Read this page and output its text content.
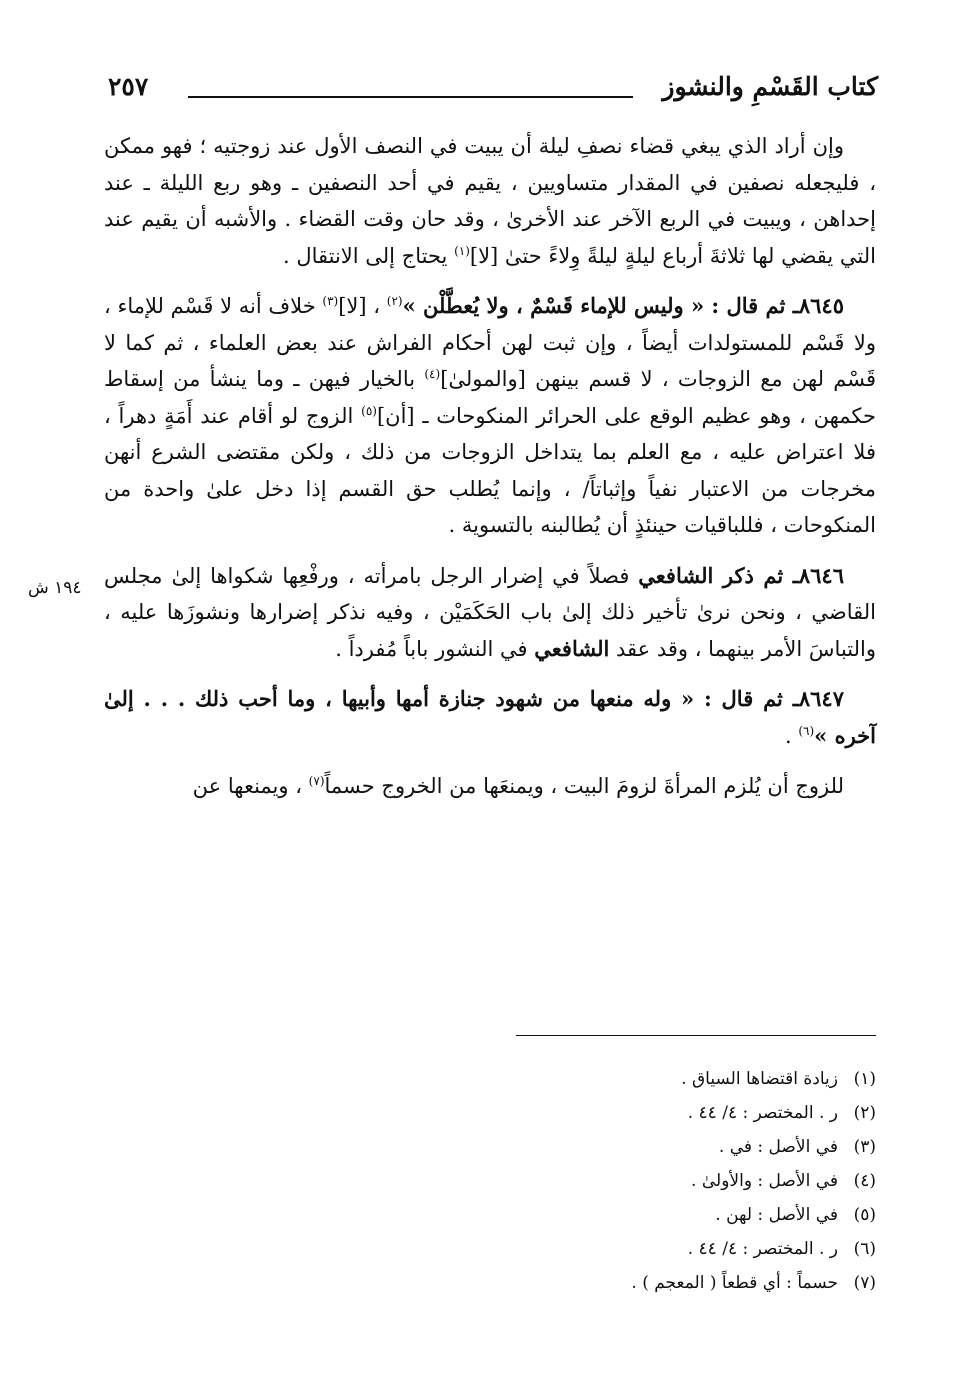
كتاب القَسْمِ والنشوز
٢٥٧
١٩٤ ش

وإن أراد الذي يبغي قضاء نصفِ ليلة أن يبيت في النصف الأول عند زوجتيه ؛ فهو ممكن ، فليجعله نصفين في المقدار متساويين ، يقيم في أحد النصفين ـ وهو ربع الليلة ـ عند إحداهن ، ويبيت في الربع الآخر عند الأخرىٰ ، وقد حان وقت القضاء . والأشبه أن يقيم عند التي يقضي لها ثلاثةَ أرباع ليلةٍ ليلةً وِلاءً حتىٰ [لا]$^{(١)}$ يحتاج إلى الانتقال .

٨٦٤٥ـ ثم قال : « وليس للإماء قَسْمٌ ، ولا يُعطَّلْن »$^{(٢)}$ ، [لا]$^{(٣)}$ خلاف أنه لا قَسْم للإماء ، ولا قَسْم للمستولدات أيضاً ، وإن ثبت لهن أحكام الفراش عند بعض العلماء ، ثم كما لا قَسْم لهن مع الزوجات ، لا قسم بينهن [والمولىٰ]$^{(٤)}$ بالخيار فيهن ـ وما ينشأ من إسقاط حكمهن ، وهو عظيم الوقع على الحرائر المنكوحات ـ [أن]$^{(٥)}$ الزوج لو أقام عند أَمَةٍ دهراً ، فلا اعتراض عليه ، مع العلم بما يتداخل الزوجات من ذلك ، ولكن مقتضى الشرع أنهن مخرجات من الاعتبار نفياً وإثباتاً/ ، وإنما يُطلب حق القسم إذا دخل علىٰ واحدة من المنكوحات ، فللباقيات حينئذٍ أن يُطالبنه بالتسوية .

٨٦٤٦ـ ثم ذكر الشافعي فصلاً في إضرار الرجل بامرأته ، ورفْعِها شكواها إلىٰ مجلس القاضي ، ونحن نرىٰ تأخير ذلك إلىٰ باب الحَكَمَيْن ، وفيه نذكر إضرارها ونشوزَها عليه ، والتباسَ الأمر بينهما ، وقد عقد الشافعي في النشور باباً مُفرداً .

٨٦٤٧ـ ثم قال : « وله منعها من شهود جنازة أمها وأبيها ، وما أحب ذلك . . . إلىٰ آخره »$^{(٦)}$ .

للزوج أن يُلزم المرأةَ لزومَ البيت ، ويمنعَها من الخروج حسماً$^{(٧)}$ ، ويمنعها عن

(١)زيادة اقتضاها السياق .
(٢)ر . المختصر : ٤/ ٤٤ .
(٣)في الأصل : في .
(٤)في الأصل : والأولىٰ .
(٥)في الأصل : لهن .
(٦)ر . المختصر : ٤/ ٤٤ .
(٧)حسماً : أي قطعاً ( المعجم ) .
